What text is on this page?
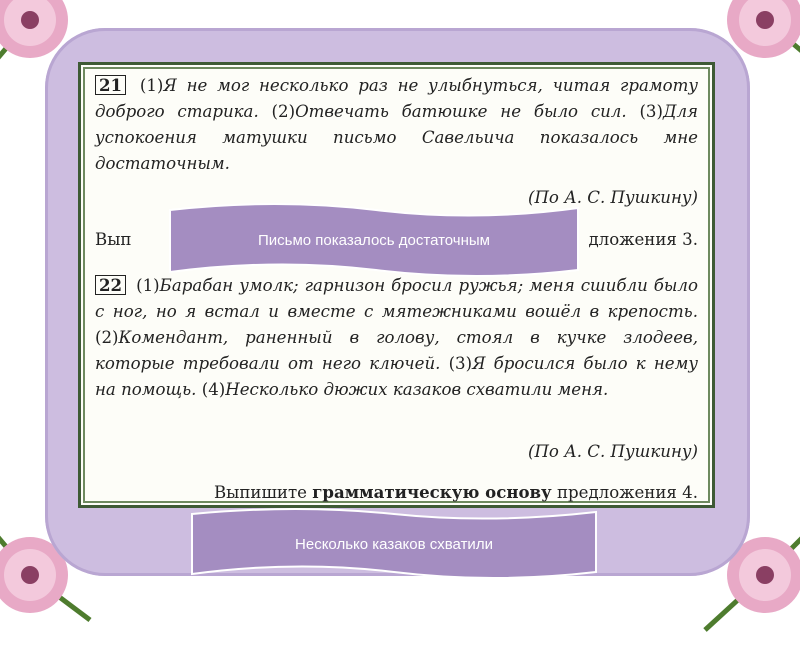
21 (1)Я не мог несколько раз не улыбнуться, читая грамоту доброго старика. (2)Отвечать батюшке не было сил. (3)Для успокоения матушки письмо Савельича показалось мне достаточным.
(По А. С. Пушкину)
Вып	дложения 3.
22 (1)Барабан умолк; гарнизон бросил ружья; меня сшибли было с ног, но я встал и вместе с мятежниками вошёл в крепость. (2)Комендант, раненный в голову, стоял в кучке злодеев, которые требовали от него ключей. (3)Я бросился было к нему на помощь. (4)Несколько дюжих казаков схватили меня.
(По А. С. Пушкину)
Выпишите грамматическую основу предложения 4.
Письмо показалось достаточным
Несколько казаков схватили
